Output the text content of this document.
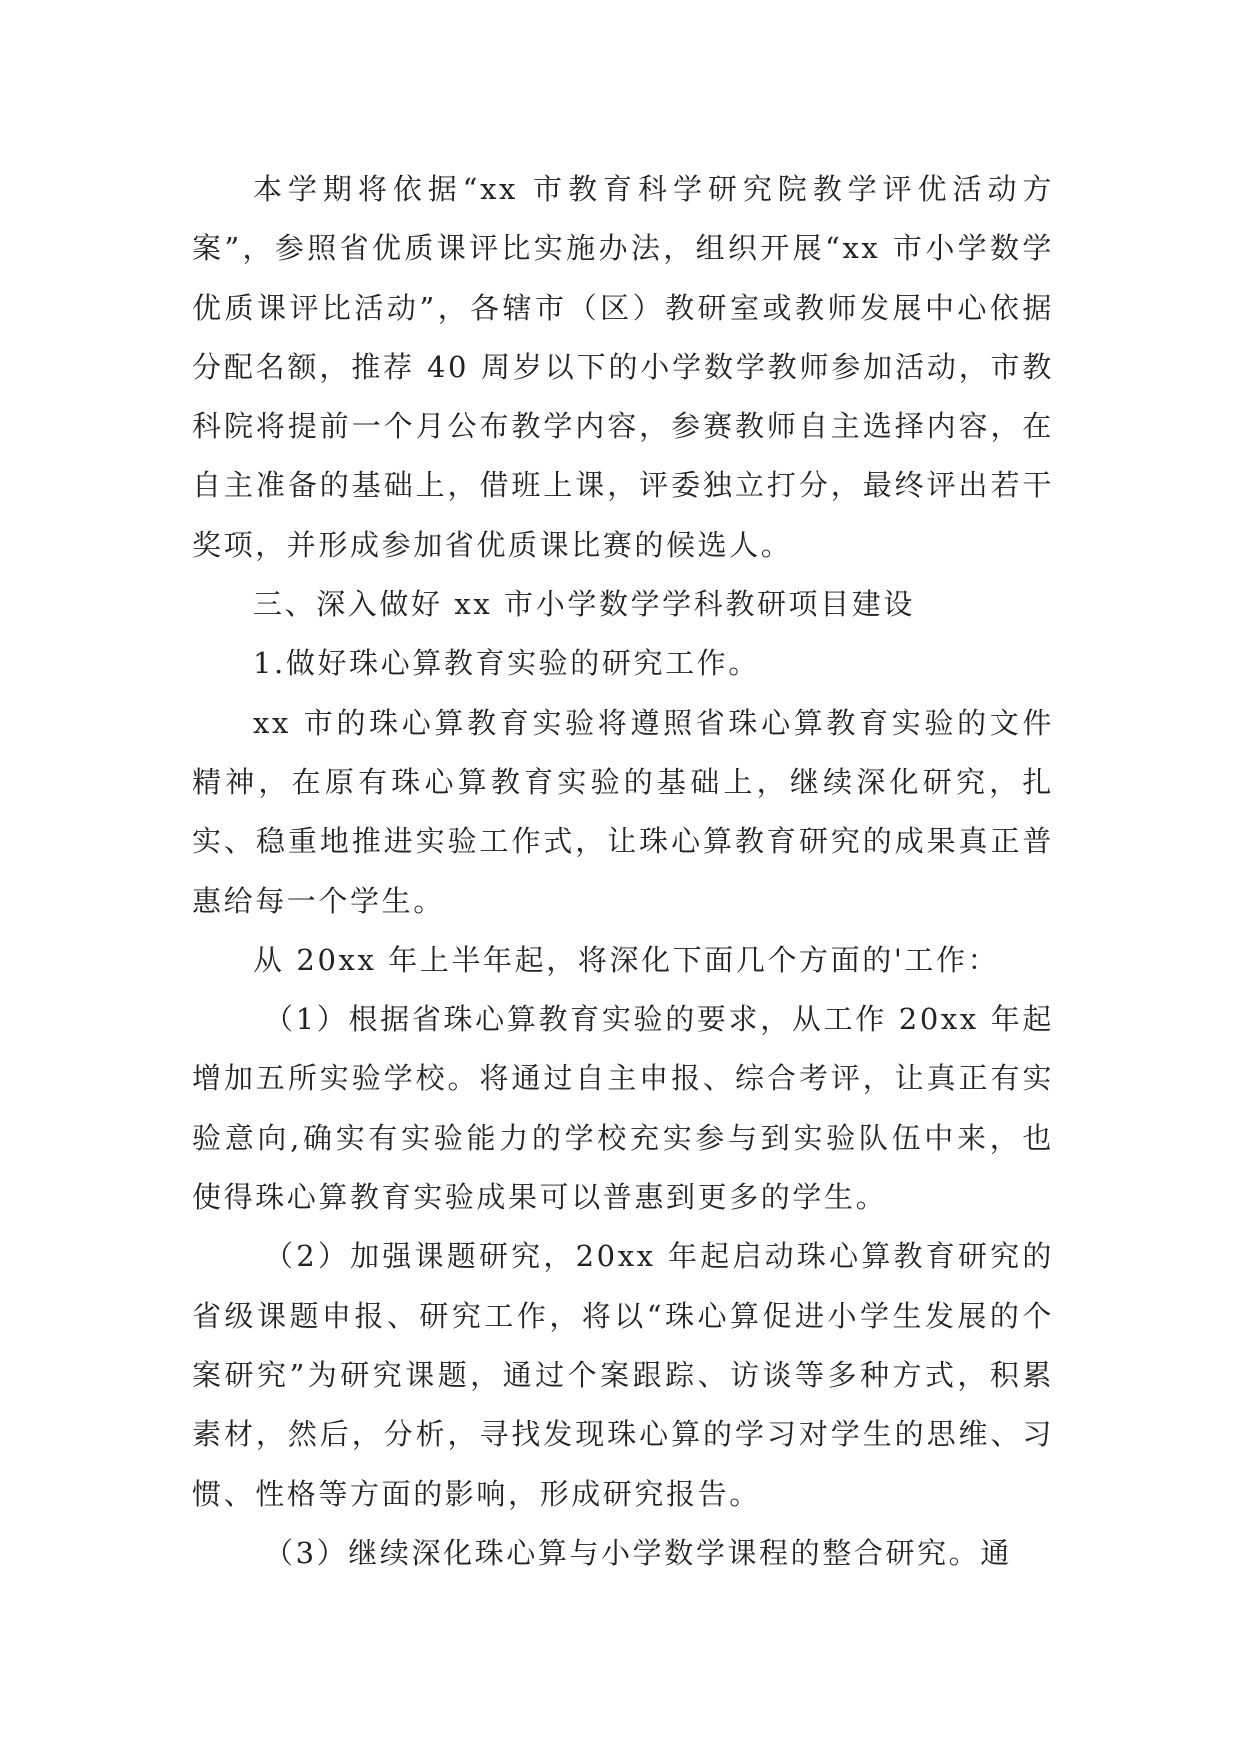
本学期将依据“xx 市教育科学研究院教学评优活动方案”，参照省优质课评比实施办法，组织开展“xx 市小学数学优质课评比活动”，各辖市（区）教研室或教师发展中心依据分配名额，推荐 40 周岁以下的小学数学教师参加活动，市教科院将提前一个月公布教学内容，参赛教师自主选择内容，在自主准备的基础上，借班上课，评委独立打分，最终评出若干奖项，并形成参加省优质课比赛的候选人。

三、深入做好 xx 市小学数学学科教研项目建设

1.做好珠心算教育实验的研究工作。

xx 市的珠心算教育实验将遵照省珠心算教育实验的文件精神，在原有珠心算教育实验的基础上，继续深化研究，扎实、稳重地推进实验工作式，让珠心算教育研究的成果真正普惠给每一个学生。

从 20xx 年上半年起，将深化下面几个方面的'工作：

（1）根据省珠心算教育实验的要求，从工作 20xx 年起增加五所实验学校。将通过自主申报、综合考评，让真正有实验意向,确实有实验能力的学校充实参与到实验队伍中来，也使得珠心算教育实验成果可以普惠到更多的学生。

（2）加强课题研究，20xx 年起启动珠心算教育研究的省级课题申报、研究工作，将以“珠心算促进小学生发展的个案研究”为研究课题，通过个案跟踪、访谈等多种方式，积累素材，然后，分析，寻找发现珠心算的学习对学生的思维、习惯、性格等方面的影响，形成研究报告。

（3）继续深化珠心算与小学数学课程的整合研究。通
